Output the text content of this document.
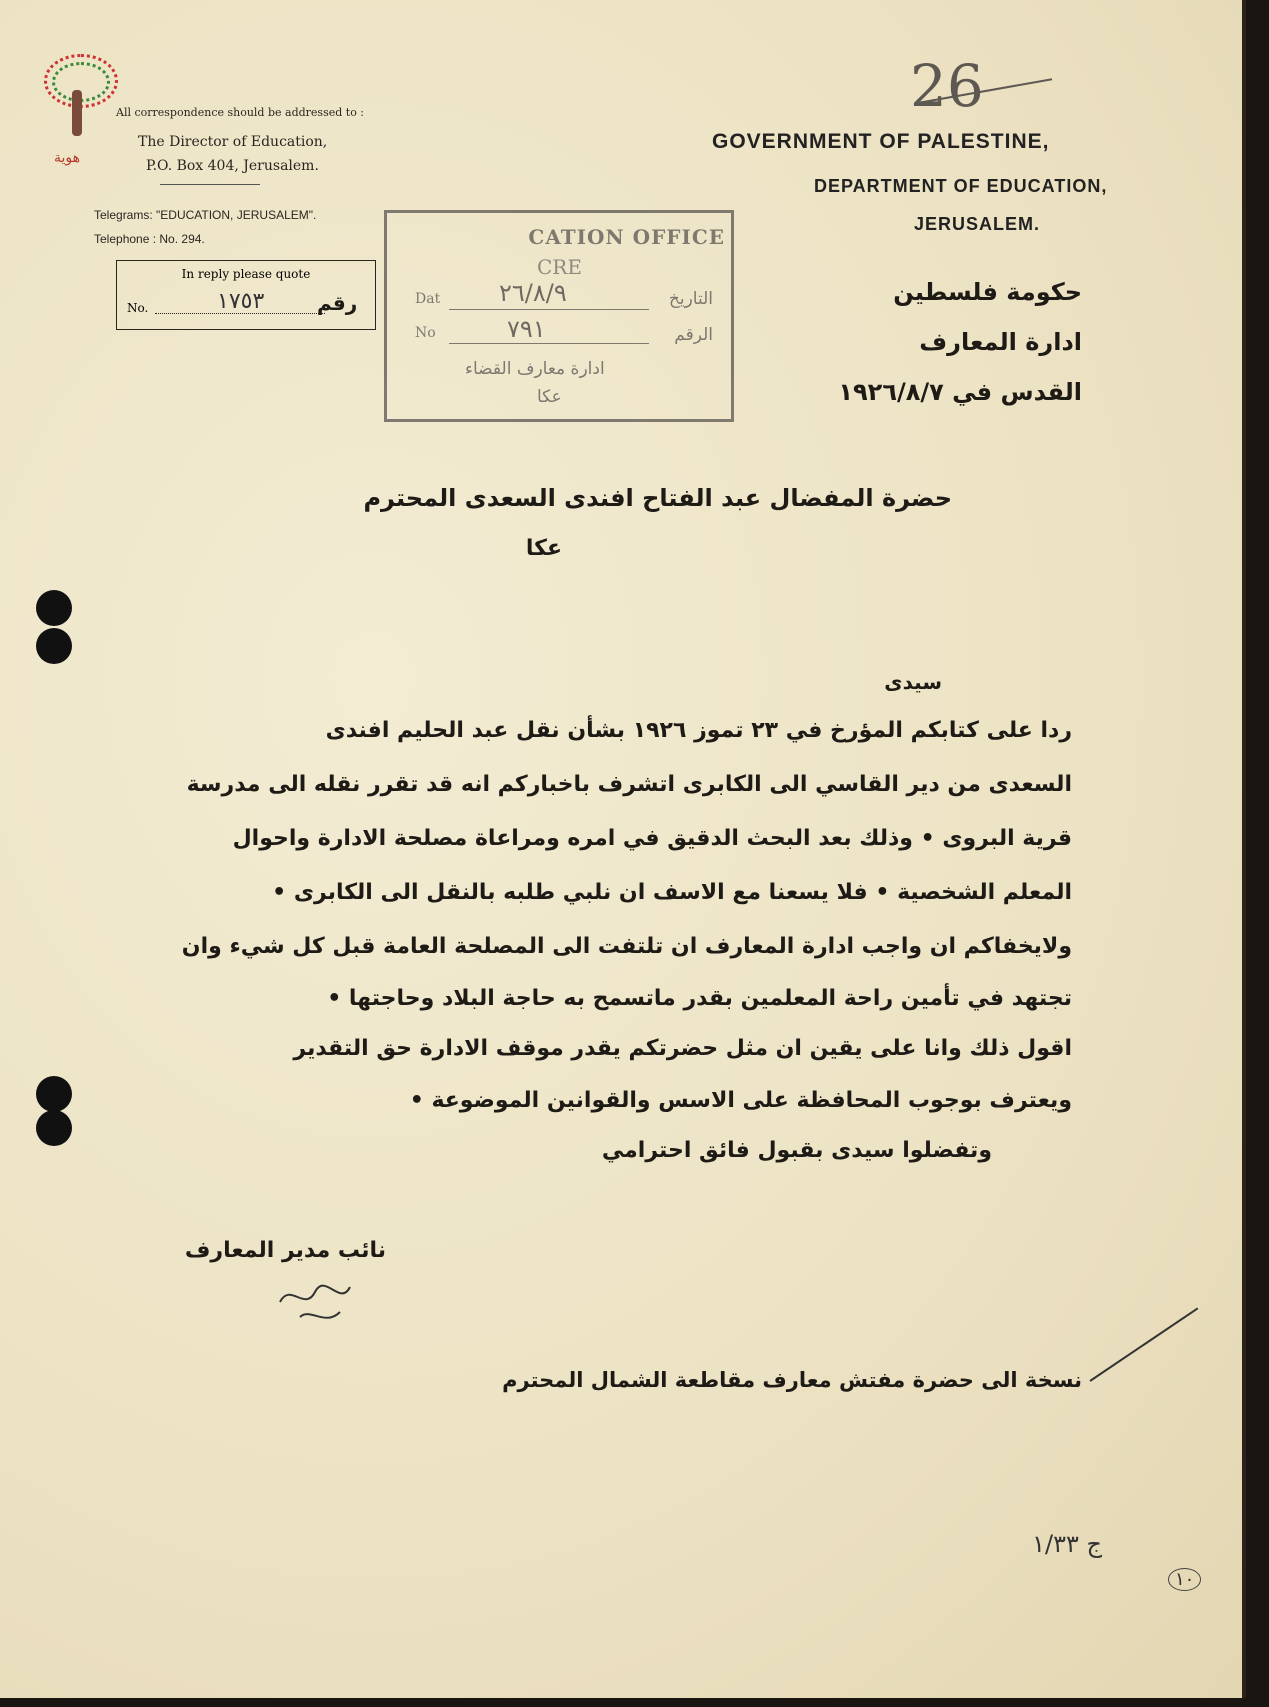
هوية
All correspondence should be addressed to :
The Director of Education,
P.O. Box 404, Jerusalem.
Telegrams: "EDUCATION, JERUSALEM".
Telephone : No. 294.
In reply please quote
No.	١٧٥٣	رقم
CATION OFFICE
CRE
Dat ٢٦/٨/٩	التاريخ
No	٧٩١	الرقم
ادارة معارف القضاء
عكا
26
GOVERNMENT OF PALESTINE,
DEPARTMENT OF EDUCATION,
JERUSALEM.
حكومة فلسطين
ادارة المعارف
القدس في ١٩٢٦/٨/٧
حضرة المفضال عبد الفتاح افندى السعدى المحترم
عكا
سيدى
ردا على كتابكم المؤرخ في ٢٣ تموز ١٩٢٦ بشأن نقل عبد الحليم افندى
السعدى من دير القاسي الى الكابرى اتشرف باخباركم انه قد تقرر نقله الى مدرسة
قرية البروى • وذلك بعد البحث الدقيق في امره ومراعاة مصلحة الادارة واحوال
المعلم الشخصية • فلا يسعنا مع الاسف ان نلبي طلبه بالنقل الى الكابرى •
ولايخفاكم ان واجب ادارة المعارف ان تلتفت الى المصلحة العامة قبل كل شيء وان
تجتهد في تأمين راحة المعلمين بقدر ماتسمح به حاجة البلاد وحاجتها •
اقول ذلك وانا على يقين ان مثل حضرتكم يقدر موقف الادارة حق التقدير
ويعترف بوجوب المحافظة على الاسس والقوانين الموضوعة •
وتفضلوا سيدى بقبول فائق احترامي
نائب مدير المعارف
نسخة الى حضرة مفتش معارف مقاطعة الشمال المحترم
ج ١/٣٣
١٠
